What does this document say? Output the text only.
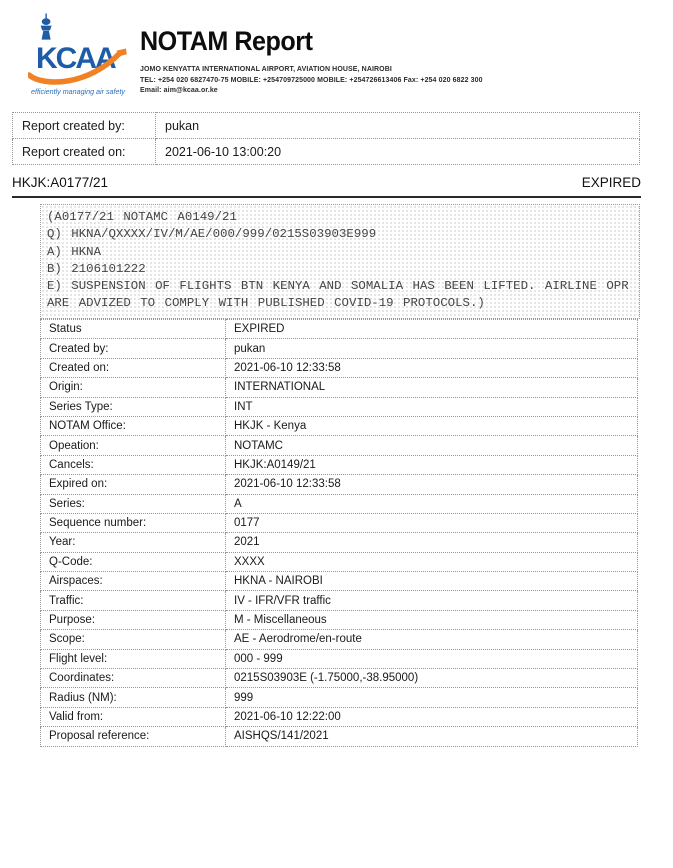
KCAA
efficiently managing air safety
NOTAM Report
JOMO KENYATTA INTERNATIONAL AIRPORT, AVIATION HOUSE, NAIROBI
TEL: +254 020 6827470-75 MOBILE: +254709725000 MOBILE: +254726613406 Fax: +254 020 6822 300
Email: aim@kcaa.or.ke
Report created by:	pukan
Report created on:	2021-06-10 13:00:20
HKJK:A0177/21	EXPIRED
(A0177/21 NOTAMC A0149/21
Q) HKNA/QXXXX/IV/M/AE/000/999/0215S03903E999
A) HKNA
B) 2106101222
E) SUSPENSION OF FLIGHTS BTN KENYA AND SOMALIA HAS BEEN LIFTED. AIRLINE OPR
ARE ADVIZED TO COMPLY WITH PUBLISHED COVID-19 PROTOCOLS.)
Status	EXPIRED
Created by:	pukan
Created on:	2021-06-10 12:33:58
Origin:	INTERNATIONAL
Series Type:	INT
NOTAM Office:	HKJK - Kenya
Opeation:	NOTAMC
Cancels:	HKJK:A0149/21
Expired on:	2021-06-10 12:33:58
Series:	A
Sequence number:	0177
Year:	2021
Q-Code:	XXXX
Airspaces:	HKNA - NAIROBI
Traffic:	IV - IFR/VFR traffic
Purpose:	M - Miscellaneous
Scope:	AE - Aerodrome/en-route
Flight level:	000 - 999
Coordinates:	0215S03903E (-1.75000,-38.95000)
Radius (NM):	999
Valid from:	2021-06-10 12:22:00
Proposal reference:	AISHQS/141/2021
